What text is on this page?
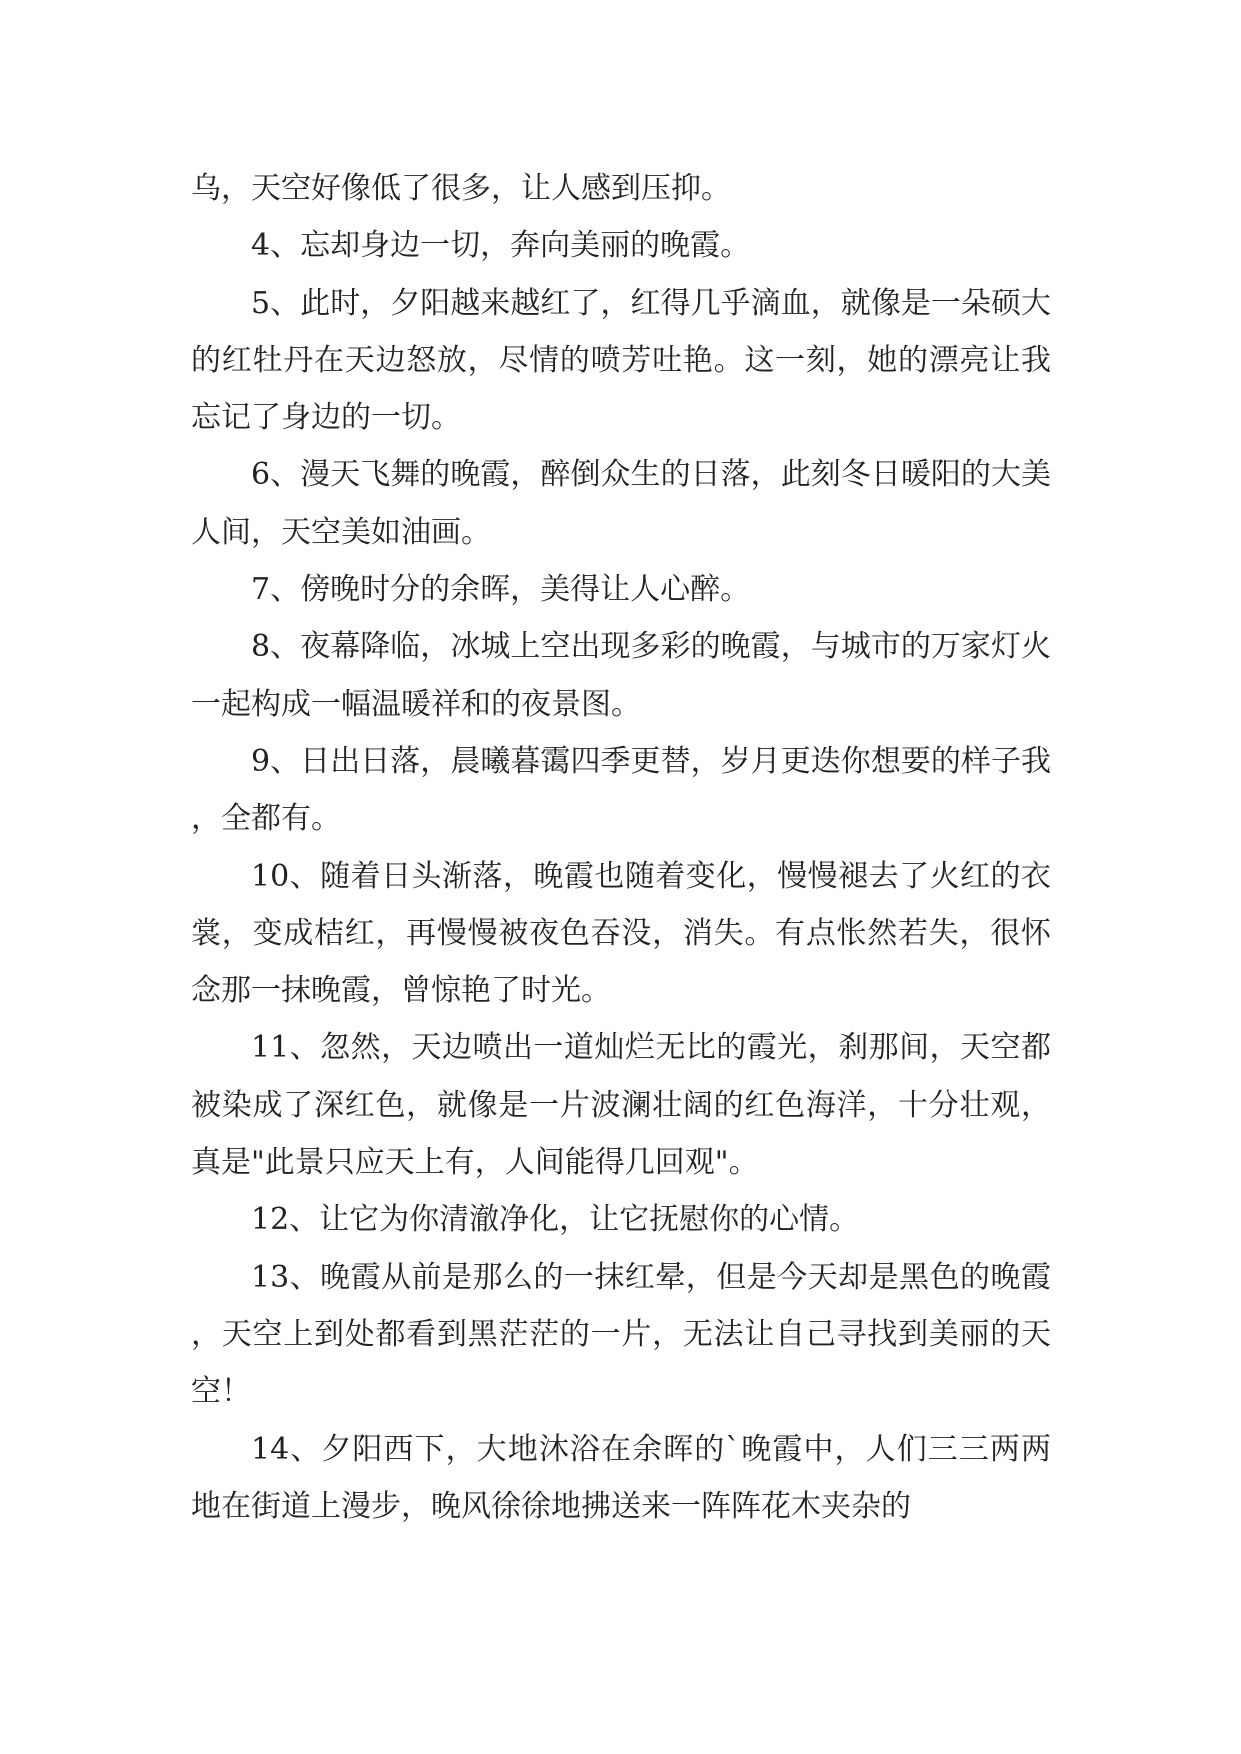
乌，天空好像低了很多，让人感到压抑。

4、忘却身边一切，奔向美丽的晚霞。

5、此时，夕阳越来越红了，红得几乎滴血，就像是一朵硕大的红牡丹在天边怒放，尽情的喷芳吐艳。这一刻，她的漂亮让我忘记了身边的一切。

6、漫天飞舞的晚霞，醉倒众生的日落，此刻冬日暖阳的大美人间，天空美如油画。

7、傍晚时分的余晖，美得让人心醉。

8、夜幕降临，冰城上空出现多彩的晚霞，与城市的万家灯火一起构成一幅温暖祥和的夜景图。

9、日出日落，晨曦暮霭四季更替，岁月更迭你想要的样子我，全都有。

10、随着日头渐落，晚霞也随着变化，慢慢褪去了火红的衣裳，变成桔红，再慢慢被夜色吞没，消失。有点怅然若失，很怀念那一抹晚霞，曾惊艳了时光。

11、忽然，天边喷出一道灿烂无比的霞光，刹那间，天空都被染成了深红色，就像是一片波澜壮阔的红色海洋，十分壮观，真是"此景只应天上有，人间能得几回观"。

12、让它为你清澈净化，让它抚慰你的心情。

13、晚霞从前是那么的一抹红晕，但是今天却是黑色的晚霞，天空上到处都看到黑茫茫的一片，无法让自己寻找到美丽的天空！

14、夕阳西下，大地沐浴在余晖的`晚霞中，人们三三两两地在街道上漫步，晚风徐徐地拂送来一阵阵花木夹杂的
